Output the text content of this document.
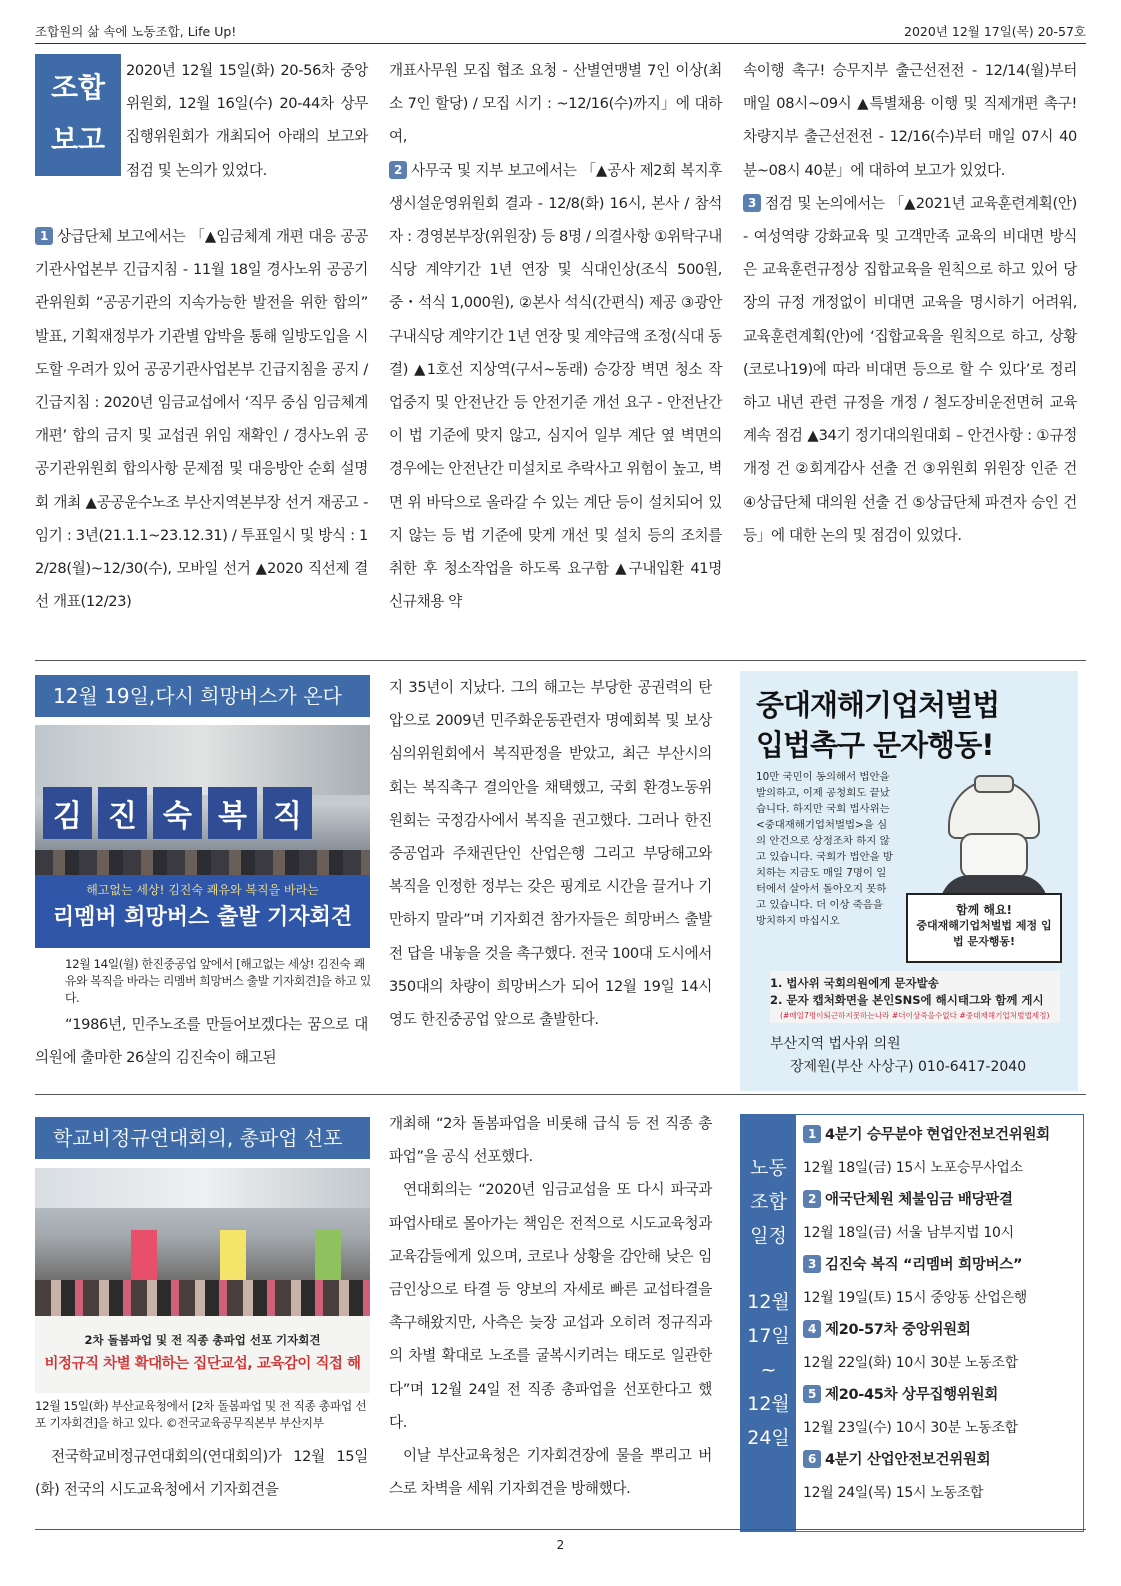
조합원의 삶 속에 노동조합, Life Up!	2020년 12월 17일(목) 20-57호
조합
보고
2020년 12월 15일(화) 20-56차 중앙위원회, 12월 16일(수) 20-44차 상무집행위원회가 개최되어 아래의 보고와 점검 및 논의가 있었다.
1 상급단체 보고에서는 「▲임금체계 개편 대응 공공기관사업본부 긴급지침 - 11월 18일 경사노위 공공기관위원회 “공공기관의 지속가능한 발전을 위한 합의” 발표, 기획재정부가 기관별 압박을 통해 일방도입을 시도할 우려가 있어 공공기관사업본부 긴급지침을 공지 / 긴급지침 : 2020년 임금교섭에서 ‘직무 중심 임금체계 개편’ 합의 금지 및 교섭권 위임 재확인 / 경사노위 공공기관위원회 합의사항 문제점 및 대응방안 순회 설명회 개최 ▲공공운수노조 부산지역본부장 선거 재공고 - 임기 : 3년(21.1.1~23.12.31) / 투표일시 및 방식 : 12/28(월)~12/30(수), 모바일 선거 ▲2020 직선제 결선 개표(12/23)
개표사무원 모집 협조 요청 - 산별연맹별 7인 이상(최소 7인 할당) / 모집 시기 : ~12/16(수)까지」에 대하여,
2 사무국 및 지부 보고에서는 「▲공사 제2회 복지후생시설운영위원회 결과 - 12/8(화) 16시, 본사 / 참석자 : 경영본부장(위원장) 등 8명 / 의결사항 ①위탁구내식당 계약기간 1년 연장 및 식대인상(조식 500원, 중・석식 1,000원), ②본사 석식(간편식) 제공 ③광안구내식당 계약기간 1년 연장 및 계약금액 조정(식대 동결) ▲1호선 지상역(구서~동래) 승강장 벽면 청소 작업중지 및 안전난간 등 안전기준 개선 요구 - 안전난간이 법 기준에 맞지 않고, 심지어 일부 계단 옆 벽면의 경우에는 안전난간 미설치로 추락사고 위험이 높고, 벽면 위 바닥으로 올라갈 수 있는 계단 등이 설치되어 있지 않는 등 법 기준에 맞게 개선 및 설치 등의 조치를 취한 후 청소작업을 하도록 요구함 ▲구내입환 41명 신규채용 약
속이행 촉구! 승무지부 출근선전전 - 12/14(월)부터 매일 08시~09시 ▲특별채용 이행 및 직제개편 촉구! 차량지부 출근선전전 - 12/16(수)부터 매일 07시 40분~08시 40분」에 대하여 보고가 있었다.
3 점검 및 논의에서는 「▲2021년 교육훈련계획(안) - 여성역량 강화교육 및 고객만족 교육의 비대면 방식은 교육훈련규정상 집합교육을 원칙으로 하고 있어 당장의 규정 개정없이 비대면 교육을 명시하기 어려워, 교육훈련계획(안)에 ‘집합교육을 원칙으로 하고, 상황(코로나19)에 따라 비대면 등으로 할 수 있다’로 정리하고 내년 관련 규정을 개정 / 철도장비운전면허 교육 계속 점검 ▲34기 정기대의원대회 – 안건사항 : ①규정 개정 건 ②회계감사 선출 건 ③위원회 위원장 인준 건 ④상급단체 대의원 선출 건 ⑤상급단체 파견자 승인 건 등」에 대한 논의 및 점검이 있었다.
12월 19일,다시 희망버스가 온다
김 진 숙 복 직
해고없는 세상! 김진숙 쾌유와 복직을 바라는
리멤버 희망버스 출발 기자회견
12월 14일(월) 한진중공업 앞에서 [해고없는 세상! 김진숙 쾌유와 복직을 바라는 리멤버 희망버스 출발 기자회견]을 하고 있다.
“1986년, 민주노조를 만들어보겠다는 꿈으로 대의원에 출마한 26살의 김진숙이 해고된
지 35년이 지났다. 그의 해고는 부당한 공권력의 탄압으로 2009년 민주화운동관련자 명예회복 및 보상심의위원회에서 복직판정을 받았고, 최근 부산시의회는 복직촉구 결의안을 채택했고, 국회 환경노동위원회는 국정감사에서 복직을 권고했다. 그러나 한진중공업과 주채권단인 산업은행 그리고 부당해고와 복직을 인정한 정부는 갖은 핑계로 시간을 끌거나 기만하지 말라”며 기자회견 참가자들은 희망버스 출발 전 답을 내놓을 것을 촉구했다. 전국 100대 도시에서 350대의 차량이 희망버스가 되어 12월 19일 14시 영도 한진중공업 앞으로 출발한다.
중대재해기업처벌법
입법촉구 문자행동!
10만 국민이 동의해서 법안을 발의하고, 이제 공청회도 끝났습니다. 하지만 국회 법사위는 <중대재해기업처벌법>을 심의 안건으로 상정조차 하지 않고 있습니다. 국회가 법안을 방치하는 지금도 매일 7명이 일터에서 살아서 돌아오지 못하고 있습니다. 더 이상 죽음을 방치하지 마십시오
함께 해요!
중대재해기업처벌법 제정 입법 문자행동!
1. 법사위 국회의원에게 문자발송
2. 문자 캡처화면을 본인SNS에 해시태그와 함께 게시
(#매일7명이퇴근하지못하는나라 #더이상죽을수없다 #중대재해기업처벌법제정)
부산지역 법사위 의원
장제원(부산 사상구) 010-6417-2040
학교비정규연대회의, 총파업 선포
2차 돌봄파업 및 전 직종 총파업 선포 기자회견
비정규직 차별 확대하는 집단교섭, 교육감이 직접 해
12월 15일(화) 부산교육청에서 [2차 돌봄파업 및 전 직종 총파업 선포 기자회견]을 하고 있다. ©전국교육공무직본부 부산지부
전국학교비정규연대회의(연대회의)가 12월 15일(화) 전국의 시도교육청에서 기자회견을
개최해 “2차 돌봄파업을 비롯해 급식 등 전 직종 총파업”을 공식 선포했다.
연대회의는 “2020년 임금교섭을 또 다시 파국과 파업사태로 몰아가는 책임은 전적으로 시도교육청과 교육감들에게 있으며, 코로나 상황을 감안해 낮은 임금인상으로 타결 등 양보의 자세로 빠른 교섭타결을 촉구해왔지만, 사측은 늦장 교섭과 오히려 정규직과의 차별 확대로 노조를 굴복시키려는 태도로 일관한다”며 12월 24일 전 직종 총파업을 선포한다고 했다.
이날 부산교육청은 기자회견장에 물을 뿌리고 버스로 차벽을 세워 기자회견을 방해했다.
노동
조합
일정
12월
17일
~
12월
24일
1 4분기 승무분야 현업안전보건위원회
12월 18일(금) 15시 노포승무사업소
2 애국단체원 체불임금 배당판결
12월 18일(금) 서울 남부지법 10시
3 김진숙 복직 “리멤버 희망버스”
12월 19일(토) 15시 중앙동 산업은행
4 제20-57차 중앙위원회
12월 22일(화) 10시 30분 노동조합
5 제20-45차 상무집행위원회
12월 23일(수) 10시 30분 노동조합
6 4분기 산업안전보건위원회
12월 24일(목) 15시 노동조합
2
